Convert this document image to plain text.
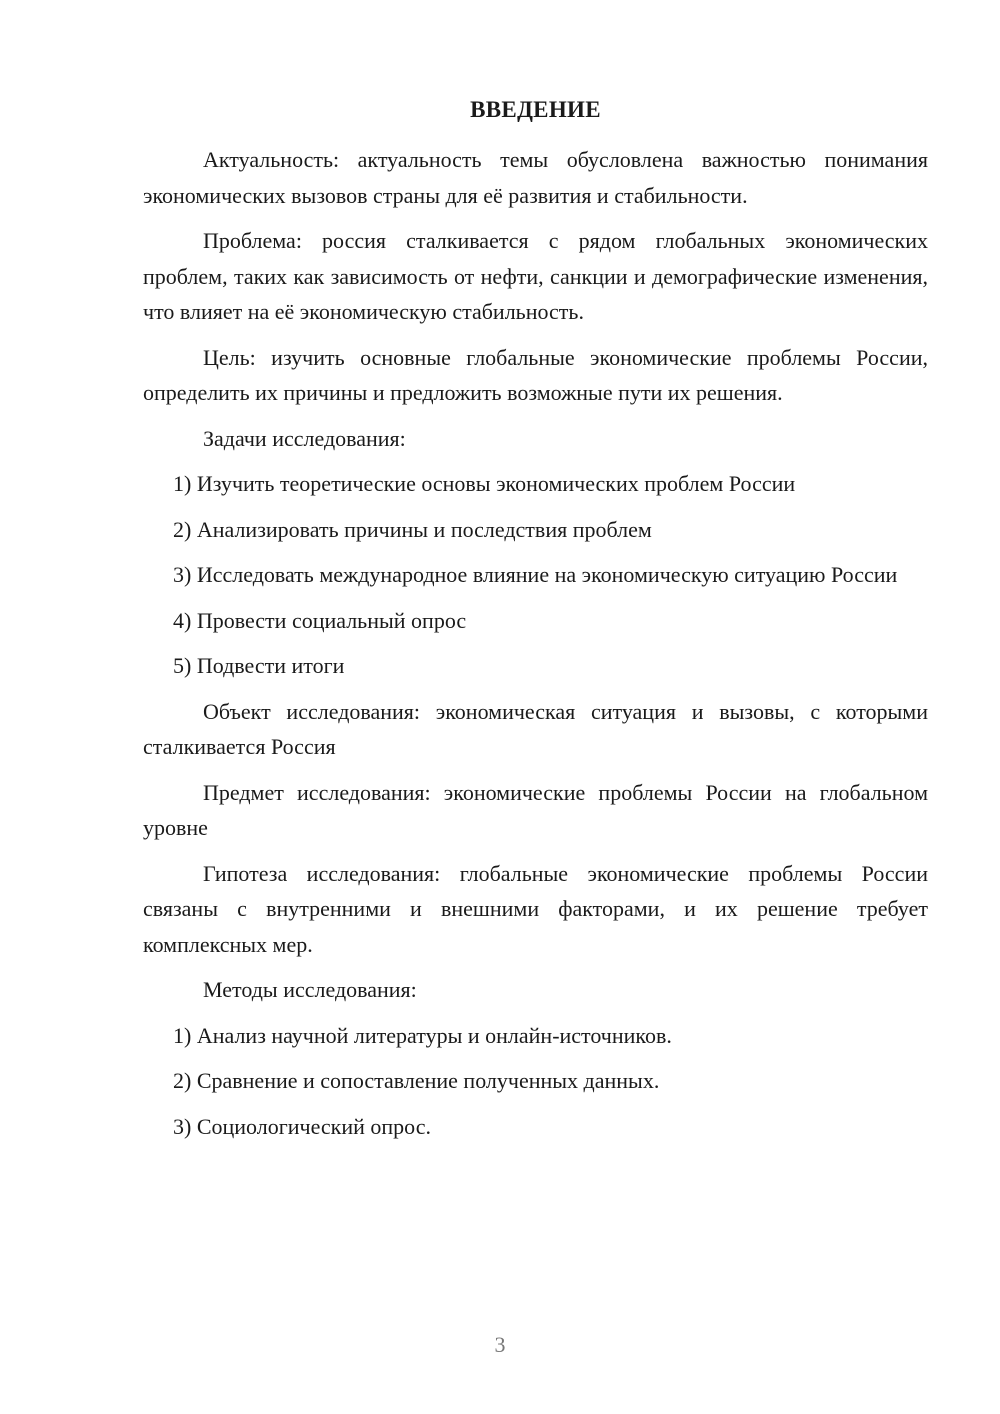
ВВЕДЕНИЕ

Актуальность: актуальность темы обусловлена важностью понимания экономических вызовов страны для её развития и стабильности.

Проблема: россия сталкивается с рядом глобальных экономических проблем, таких как зависимость от нефти, санкции и демографические изменения, что влияет на её экономическую стабильность.

Цель: изучить основные глобальные экономические проблемы России, определить их причины и предложить возможные пути их решения.

Задачи исследования:

1) Изучить теоретические основы экономических проблем России

2) Анализировать причины и последствия проблем

3) Исследовать международное влияние на экономическую ситуацию России

4) Провести социальный опрос

5) Подвести итоги

Объект исследования: экономическая ситуация и вызовы, с которыми сталкивается Россия

Предмет исследования: экономические проблемы России на глобальном уровне

Гипотеза исследования: глобальные экономические проблемы России связаны с внутренними и внешними факторами, и их решение требует комплексных мер.

Методы исследования:

1) Анализ научной литературы и онлайн-источников.

2) Сравнение и сопоставление полученных данных.

3) Социологический опрос.

3
